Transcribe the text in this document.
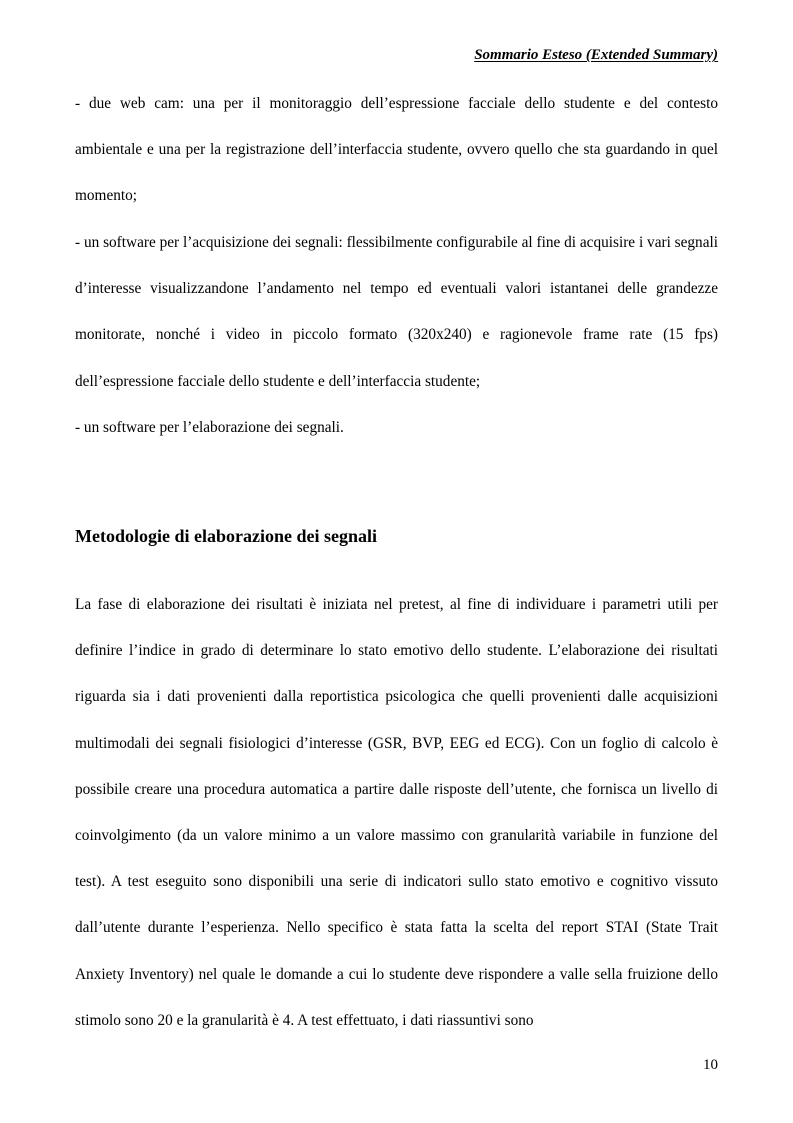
Sommario Esteso (Extended Summary)

- due web cam: una per il monitoraggio dell’espressione facciale dello studente e del contesto ambientale e una per la registrazione dell’interfaccia studente, ovvero quello che sta guardando in quel momento;

- un software per l’acquisizione dei segnali: flessibilmente configurabile al fine di acquisire i vari segnali d’interesse visualizzandone l’andamento nel tempo ed eventuali valori istantanei delle grandezze monitorate, nonché i video in piccolo formato (320x240) e ragionevole frame rate (15 fps) dell’espressione facciale dello studente e dell’interfaccia studente;

- un software per l’elaborazione dei segnali.

Metodologie di elaborazione dei segnali

La fase di elaborazione dei risultati è iniziata nel pretest, al fine di individuare i parametri utili per definire l’indice in grado di determinare lo stato emotivo dello studente. L’elaborazione dei risultati riguarda sia i dati provenienti dalla reportistica psicologica che quelli provenienti dalle acquisizioni multimodali dei segnali fisiologici d’interesse (GSR, BVP, EEG ed ECG). Con un foglio di calcolo è possibile creare una procedura automatica a partire dalle risposte dell’utente, che fornisca un livello di coinvolgimento (da un valore minimo a un valore massimo con granularità variabile in funzione del test). A test eseguito sono disponibili una serie di indicatori sullo stato emotivo e cognitivo vissuto dall’utente durante l’esperienza. Nello specifico è stata fatta la scelta del report STAI (State Trait Anxiety Inventory) nel quale le domande a cui lo studente deve rispondere a valle sella fruizione dello stimolo sono 20 e la granularità è 4. A test effettuato, i dati riassuntivi sono

10
